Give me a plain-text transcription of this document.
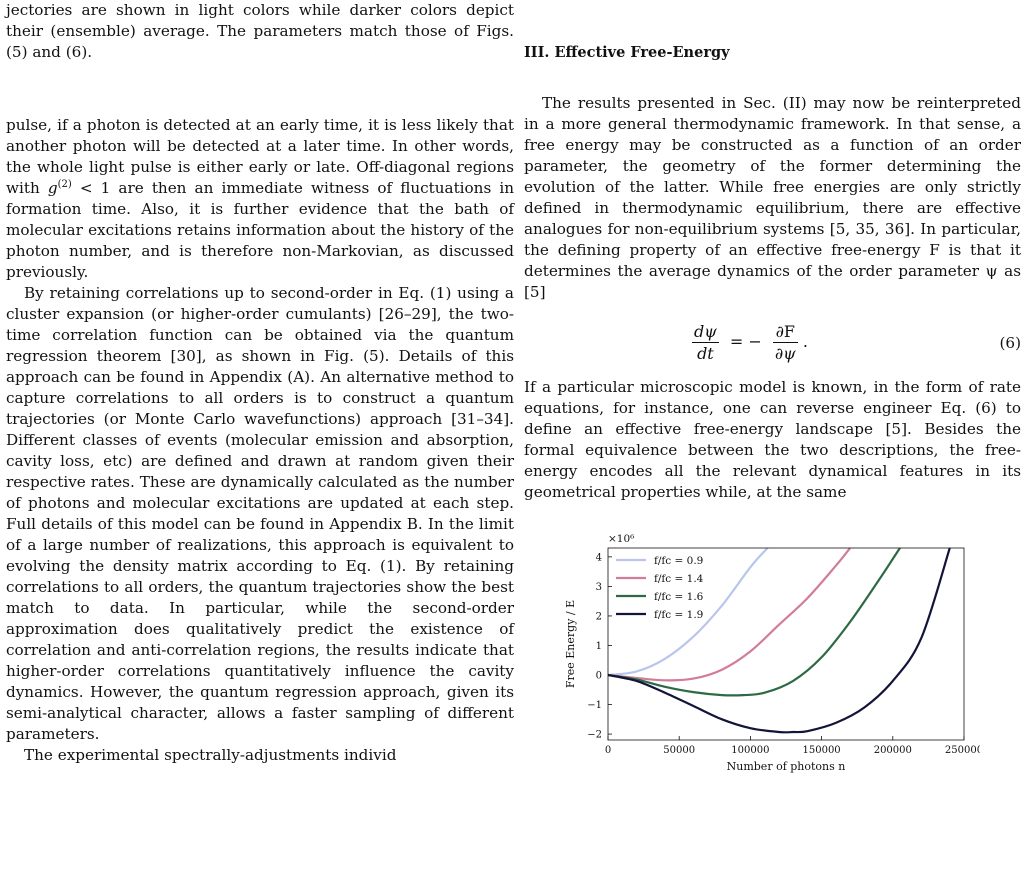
jectories are shown in light colors while darker colors depict their (ensemble) average. The parameters match those of Figs. (5) and (6).

pulse, if a photon is detected at an early time, it is less likely that another photon will be detected at a later time. In other words, the whole light pulse is either early or late. Off-diagonal regions with $g^{(2)} < 1$ are then an immediate witness of fluctuations in formation time. Also, it is further evidence that the bath of molecular excitations retains information about the history of the photon number, and is therefore non-Markovian, as discussed previously.

By retaining correlations up to second-order in Eq. (1) using a cluster expansion (or higher-order cumulants) [26–29], the two-time correlation function can be obtained via the quantum regression theorem [30], as shown in Fig. (5). Details of this approach can be found in Appendix (A). An alternative method to capture correlations to all orders is to construct a quantum trajectories (or Monte Carlo wavefunctions) approach [31–34]. Different classes of events (molecular emission and absorption, cavity loss, etc) are defined and drawn at random given their respective rates. These are dynamically calculated as the number of photons and molecular excitations are updated at each step. Full details of this model can be found in Appendix B. In the limit of a large number of realizations, this approach is equivalent to evolving the density matrix according to Eq. (1). By retaining correlations to all orders, the quantum trajectories show the best match to data. In particular, while the second-order approximation does qualitatively predict the existence of correlation and anti-correlation regions, the results indicate that higher-order correlations quantitatively influence the cavity dynamics. However, the quantum regression approach, given its semi-analytical character, allows a faster sampling of different parameters.

The experimental spectrally-adjustments individ

III. Effective Free-Energy

The results presented in Sec. (II) may now be reinterpreted in a more general thermodynamic framework. In that sense, a free energy may be constructed as a function of an order parameter, the geometry of the former determining the evolution of the latter. While free energies are only strictly defined in thermodynamic equilibrium, there are effective analogues for non-equilibrium systems [5, 35, 36]. In particular, the defining property of an effective free-energy F is that it determines the average dynamics of the order parameter ψ as [5]

$\frac{d\psi}{dt}$ = − $\frac{\partial F}{\partial\psi}$ .	(6)

If a particular microscopic model is known, in the form of rate equations, for instance, one can reverse engineer Eq. (6) to define an effective free-energy landscape [5]. Besides the formal equivalence between the two descriptions, the free-energy encodes all the relevant dynamical features in its geometrical properties while, at the same

×10⁶
0	50000	100000	150000	200000	250000
−2
−1
0
1
2
3
4	f/fc = 0.9
f/fc = 1.4
f/fc = 1.6
f/fc = 1.9
Number of photons n
Free Energy / E
